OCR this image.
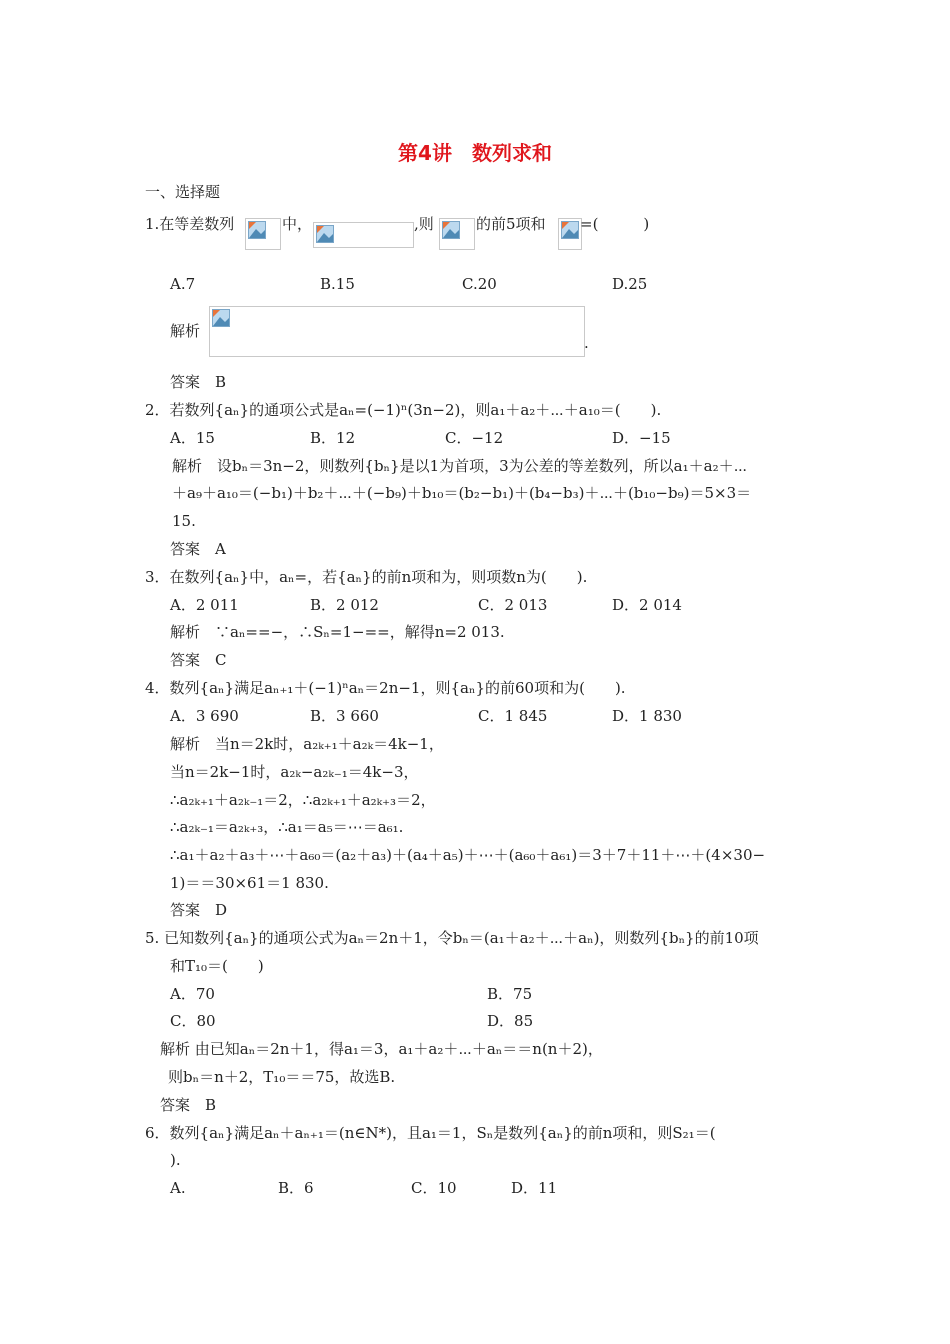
第4讲　数列求和
一、选择题
1.在等差数列	中，	,则	的前5项和 =(　　　)
A.7	B.15	C.20	D.25
解析
.
答案　B
2．若数列{aₙ}的通项公式是aₙ=(−1)ⁿ(3n−2)，则a₁＋a₂＋⋯＋a₁₀＝(　　).
A．15	B．12	C．−12	D．−15
解析　设bₙ＝3n−2，则数列{bₙ}是以1为首项，3为公差的等差数列，所以a₁＋a₂＋⋯
＋a₉＋a₁₀＝(−b₁)＋b₂＋⋯＋(−b₉)＋b₁₀＝(b₂−b₁)＋(b₄−b₃)＋⋯＋(b₁₀−b₉)＝5×3＝
15.
答案　A
3．在数列{aₙ}中，aₙ=，若{aₙ}的前n项和为，则项数n为(　　).
A．2 011	B．2 012	C．2 013	D．2 014
解析　∵aₙ==−，∴Sₙ=1−==，解得n=2 013.
答案　C
4．数列{aₙ}满足aₙ₊₁＋(−1)ⁿaₙ＝2n−1，则{aₙ}的前60项和为(　　).
A．3 690	B．3 660	C．1 845	D．1 830
解析　当n＝2k时，a₂ₖ₊₁＋a₂ₖ＝4k−1，
当n＝2k−1时，a₂ₖ−a₂ₖ₋₁＝4k−3，
∴a₂ₖ₊₁＋a₂ₖ₋₁＝2，∴a₂ₖ₊₁＋a₂ₖ₊₃＝2，
∴a₂ₖ₋₁＝a₂ₖ₊₃，∴a₁＝a₅＝⋯＝a₆₁.
∴a₁＋a₂＋a₃＋⋯＋a₆₀＝(a₂＋a₃)＋(a₄＋a₅)＋⋯＋(a₆₀＋a₆₁)＝3＋7＋11＋⋯＋(4×30−
1)＝＝30×61＝1 830.
答案　D
5. 已知数列{aₙ}的通项公式为aₙ＝2n＋1，令bₙ＝(a₁＋a₂＋⋯＋aₙ)，则数列{bₙ}的前10项
和T₁₀＝(　　)
A．70	B．75
C．80	D．85
解析 由已知aₙ＝2n＋1，得a₁＝3，a₁＋a₂＋⋯＋aₙ＝＝n(n＋2)，
则bₙ＝n＋2，T₁₀＝＝75，故选B.
答案　B
6．数列{aₙ}满足aₙ＋aₙ₊₁＝(n∈N*)，且a₁＝1，Sₙ是数列{aₙ}的前n项和，则S₂₁＝(
).
A.	B．6	C．10	D．11
